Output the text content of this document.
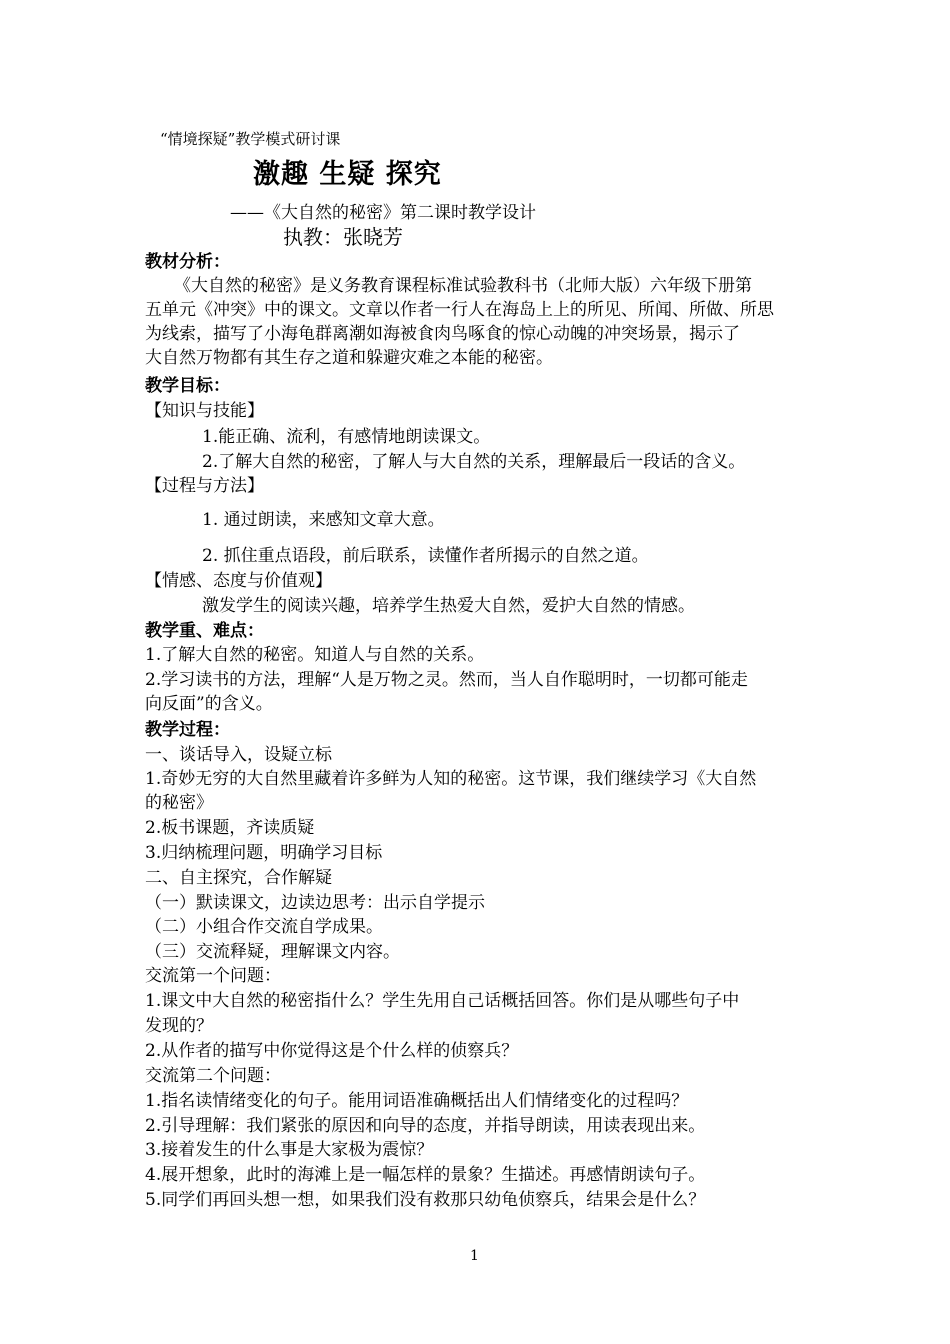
“情境探疑”教学模式研讨课
激趣 生疑 探究
——《大自然的秘密》第二课时教学设计
执教：张晓芳
教材分析：
《大自然的秘密》是义务教育课程标准试验教科书（北师大版）六年级下册第
五单元《冲突》中的课文。文章以作者一行人在海岛上上的所见、所闻、所做、所思
为线索，描写了小海龟群离潮如海被食肉鸟啄食的惊心动魄的冲突场景，揭示了
大自然万物都有其生存之道和躲避灾难之本能的秘密。
教学目标：
【知识与技能】
1.能正确、流利，有感情地朗读课文。
2.了解大自然的秘密，了解人与大自然的关系，理解最后一段话的含义。
【过程与方法】
1. 通过朗读，来感知文章大意。
2. 抓住重点语段，前后联系，读懂作者所揭示的自然之道。
【情感、态度与价值观】
激发学生的阅读兴趣，培养学生热爱大自然，爱护大自然的情感。
教学重、难点：
1.了解大自然的秘密。知道人与自然的关系。
2.学习读书的方法，理解“人是万物之灵。然而，当人自作聪明时，一切都可能走
向反面”的含义。
教学过程：
一、谈话导入，设疑立标
1.奇妙无穷的大自然里藏着许多鲜为人知的秘密。这节课，我们继续学习《大自然
的秘密》
2.板书课题，齐读质疑
3.归纳梳理问题，明确学习目标
二、自主探究，合作解疑
（一）默读课文，边读边思考：出示自学提示
（二）小组合作交流自学成果。
（三）交流释疑，理解课文内容。
交流第一个问题：
1.课文中大自然的秘密指什么？学生先用自己话概括回答。你们是从哪些句子中
发现的？
2.从作者的描写中你觉得这是个什么样的侦察兵？
交流第二个问题：
1.指名读情绪变化的句子。能用词语准确概括出人们情绪变化的过程吗？
2.引导理解：我们紧张的原因和向导的态度，并指导朗读，用读表现出来。
3.接着发生的什么事是大家极为震惊？
4.展开想象，此时的海滩上是一幅怎样的景象？生描述。再感情朗读句子。
5.同学们再回头想一想，如果我们没有救那只幼龟侦察兵，结果会是什么？
1
